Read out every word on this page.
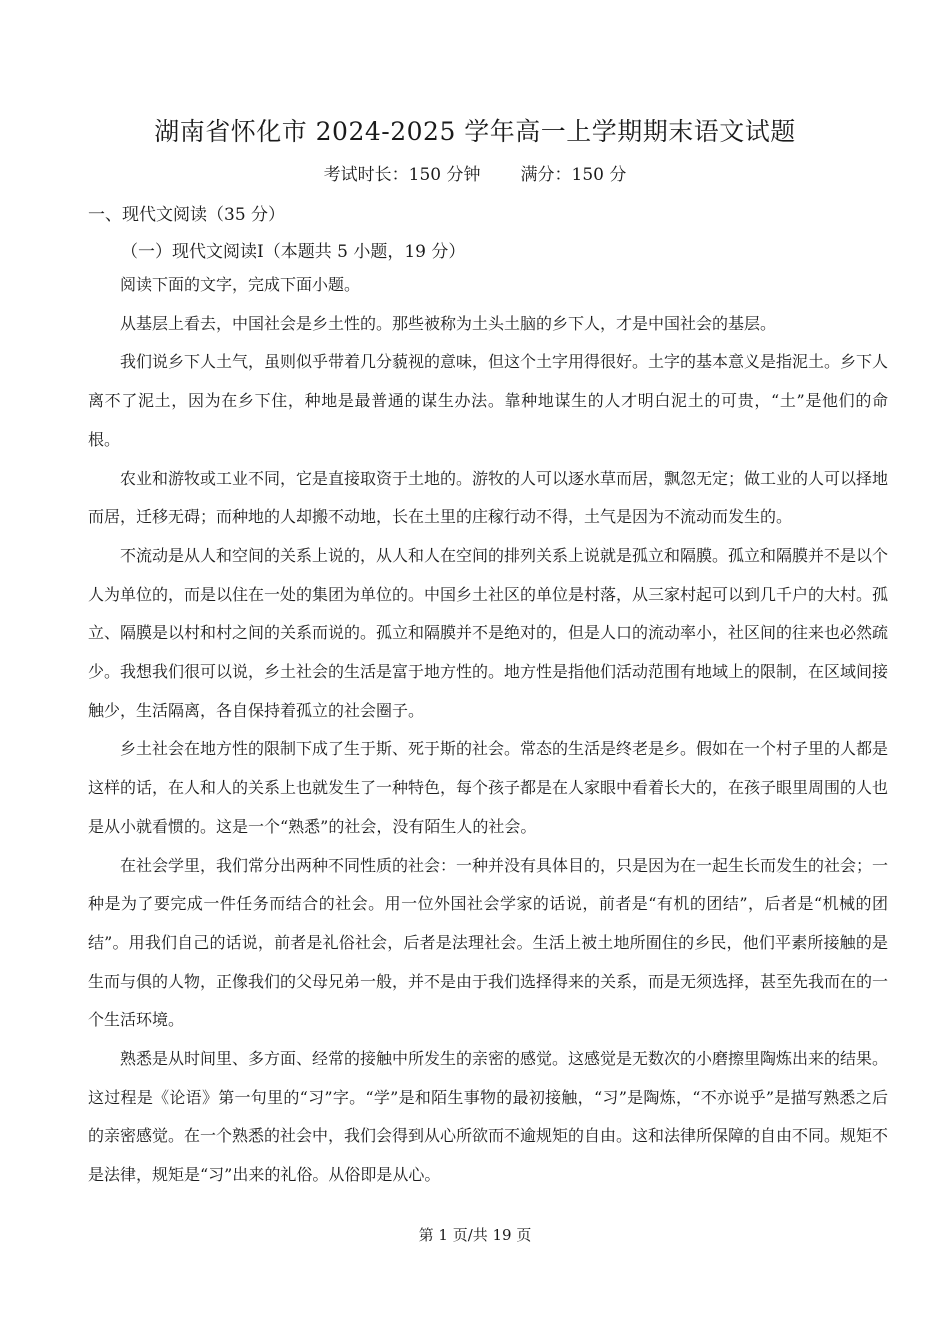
湖南省怀化市 2024-2025 学年高一上学期期末语文试题
考试时长：150 分钟 满分：150 分
一、现代文阅读（35 分）
（一）现代文阅读Ⅰ（本题共 5 小题，19 分）

阅读下面的文字，完成下面小题。

从基层上看去，中国社会是乡土性的。那些被称为土头土脑的乡下人，才是中国社会的基层。

我们说乡下人土气，虽则似乎带着几分藐视的意味，但这个土字用得很好。土字的基本意义是指泥土。乡下人离不了泥土，因为在乡下住，种地是最普通的谋生办法。靠种地谋生的人才明白泥土的可贵，“土”是他们的命根。

农业和游牧或工业不同，它是直接取资于土地的。游牧的人可以逐水草而居，飘忽无定；做工业的人可以择地而居，迁移无碍；而种地的人却搬不动地，长在土里的庄稼行动不得，土气是因为不流动而发生的。

不流动是从人和空间的关系上说的，从人和人在空间的排列关系上说就是孤立和隔膜。孤立和隔膜并不是以个人为单位的，而是以住在一处的集团为单位的。中国乡土社区的单位是村落，从三家村起可以到几千户的大村。孤立、隔膜是以村和村之间的关系而说的。孤立和隔膜并不是绝对的，但是人口的流动率小，社区间的往来也必然疏少。我想我们很可以说，乡土社会的生活是富于地方性的。地方性是指他们活动范围有地域上的限制，在区域间接触少，生活隔离，各自保持着孤立的社会圈子。

乡土社会在地方性的限制下成了生于斯、死于斯的社会。常态的生活是终老是乡。假如在一个村子里的人都是这样的话，在人和人的关系上也就发生了一种特色，每个孩子都是在人家眼中看着长大的，在孩子眼里周围的人也是从小就看惯的。这是一个“熟悉”的社会，没有陌生人的社会。

在社会学里，我们常分出两种不同性质的社会：一种并没有具体目的，只是因为在一起生长而发生的社会；一种是为了要完成一件任务而结合的社会。用一位外国社会学家的话说，前者是“有机的团结”，后者是“机械的团结”。用我们自己的话说，前者是礼俗社会，后者是法理社会。生活上被土地所囿住的乡民，他们平素所接触的是生而与俱的人物，正像我们的父母兄弟一般，并不是由于我们选择得来的关系，而是无须选择，甚至先我而在的一个生活环境。

熟悉是从时间里、多方面、经常的接触中所发生的亲密的感觉。这感觉是无数次的小磨擦里陶炼出来的结果。这过程是《论语》第一句里的“习”字。“学”是和陌生事物的最初接触，“习”是陶炼，“不亦说乎”是描写熟悉之后的亲密感觉。在一个熟悉的社会中，我们会得到从心所欲而不逾规矩的自由。这和法律所保障的自由不同。规矩不是法律，规矩是“习”出来的礼俗。从俗即是从心。

第 1 页/共 19 页
